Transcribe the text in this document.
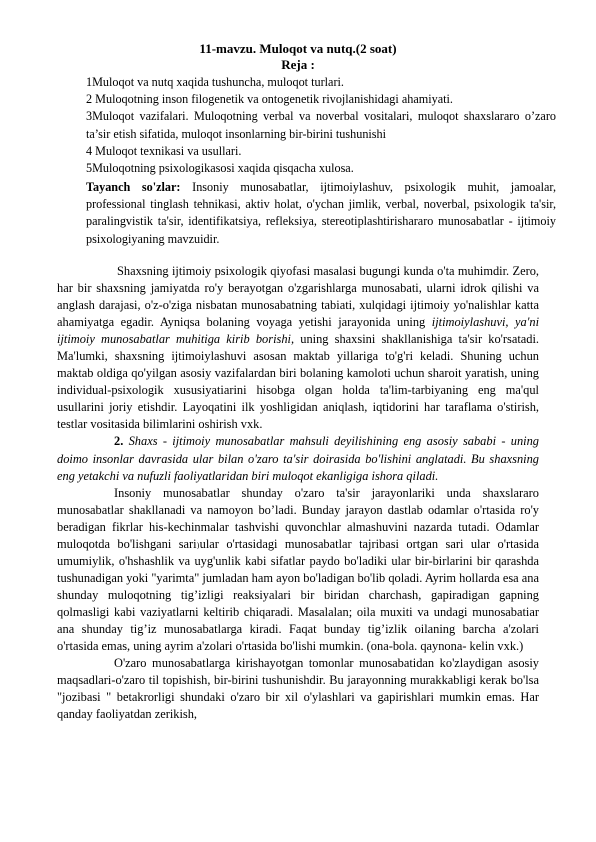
11-mavzu. Muloqot va nutq.(2 soat)
Reja :
1Muloqot va nutq xaqida tushuncha, muloqot turlari.
2 Muloqotning inson filogenetik va ontogenetik rivojlanishidagi ahamiyati.
3Muloqot vazifalari. Muloqotning verbal va noverbal vositalari, muloqot shaxslararo o’zaro ta’sir etish sifatida, muloqot insonlarning bir-birini tushunishi
4 Muloqot texnikasi va usullari.
5Muloqotning psixologikasosi xaqida qisqacha xulosa.
Tayanch so'zlar: Insoniy munosabatlar, ijtimoiylashuv, psixologik muhit, jamoalar, professional tinglash tehnikasi, aktiv holat, o'ychan jimlik, verbal, noverbal, psixologik ta'sir, paralingvistik ta'sir, identifikatsiya, refleksiya, stereotiplashtirishararo munosabatlar - ijtimoiy psixologiyaning mavzuidir.

Shaxsning ijtimoiy psixologik qiyofasi masalasi bugungi kunda o'ta muhimdir. Zero, har bir shaxsning jamiyatda ro'y berayotgan o'zgarishlarga munosabati, ularni idrok qilishi va anglash darajasi, o'z-o'ziga nisbatan munosabatning tabiati, xulqidagi ijtimoiy yo'nalishlar katta ahamiyatga egadir. Ayniqsa bolaning voyaga yetishi jarayonida uning ijtimoiylashuvi, ya'ni ijtimoiy munosabatlar muhitiga kirib borishi, uning shaxsini shakllanishiga ta'sir ko'rsatadi. Ma'lumki, shaxsning ijtimoiylashuvi asosan maktab yillariga to'g'ri keladi. Shuning uchun maktab oldiga qo'yilgan asosiy vazifalardan biri bolaning kamoloti uchun sharoit yaratish, uning individual-psixologik xususiyatiarini hisobga olgan holda ta'lim-tarbiyaning eng ma'qul usullarini joriy etishdir. Layoqatini ilk yoshligidan aniqlash, iqtidorini har taraflama o'stirish, testlar vositasida bilimlarini oshirish vxk.

2. Shaxs - ijtimoiy munosabatlar mahsuli deyilishining eng asosiy sababi - uning doimo insonlar davrasida ular bilan o'zaro ta'sir doirasida bo'lishini anglatadi. Bu shaxsning eng yetakchi va nufuzli faoliyatlaridan biri muloqot ekanligiga ishora qiladi.

Insoniy munosabatlar shunday o'zaro ta'sir jarayonlariki unda shaxslararo munosabatlar shakllanadi va namoyon bo’ladi. Bunday jarayon dastlab odamlar o'rtasida ro'y beradigan fikrlar his-kechinmalar tashvishi quvonchlar almashuvini nazarda tutadi. Odamlar muloqotda bo'lishgani sari₎ular o'rtasidagi munosabatlar tajribasi ortgan sari ular o'rtasida umumiylik, o'hshashlik va uyg'unlik kabi sifatlar paydo bo'ladiki ular bir-birlarini bir qarashda tushunadigan yoki "yarimta" jumladan ham ayon bo'ladigan bo'lib qoladi. Ayrim hollarda esa ana shunday muloqotning tig’izligi reaksiyalari bir biridan charchash, gapiradigan gapning qolmasligi kabi vaziyatlarni keltirib chiqaradi. Masalalan; oila muxiti va undagi munosabatiar ana shunday tig’iz munosabatlarga kiradi. Faqat bunday tig’izlik oilaning barcha a'zolari o'rtasida emas, uning ayrim a'zolari o'rtasida bo'lishi mumkin. (ona-bola. qaynona- kelin vxk.)

O'zaro munosabatlarga kirishayotgan tomonlar munosabatidan ko'zlaydigan asosiy maqsadlari-o'zaro til topishish, bir-birini tushunishdir. Bu jarayonning murakkabligi kerak bo'lsa "jozibasi " betakrorligi shundaki o'zaro bir xil o'ylashlari va gapirishlari mumkin emas. Har qanday faoliyatdan zerikish,
